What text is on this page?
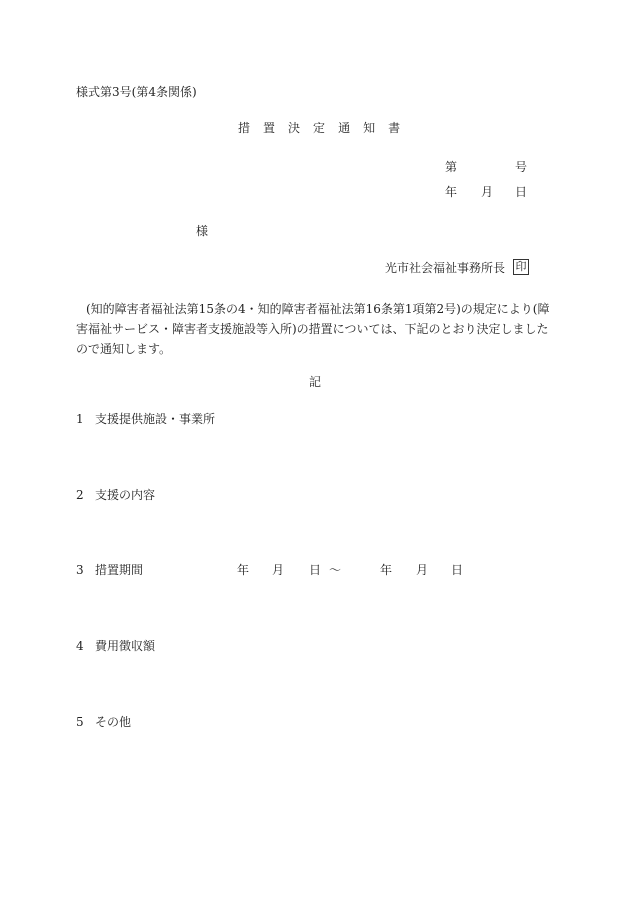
様式第3号(第4条関係)
措 置 決 定 通 知 書
第	号
年 月 日
様
光市社会福祉事務所長 印
(知的障害者福祉法第15条の4・知的障害者福祉法第16条第1項第2号)の規定により(障害福祉サービス・障害者支援施設等入所)の措置については、下記のとおり決定しましたので通知します。
記
1 支援提供施設・事業所
2 支援の内容
3 措置期間	年 月 日 〜	年 月 日
4 費用徴収額
5 その他
